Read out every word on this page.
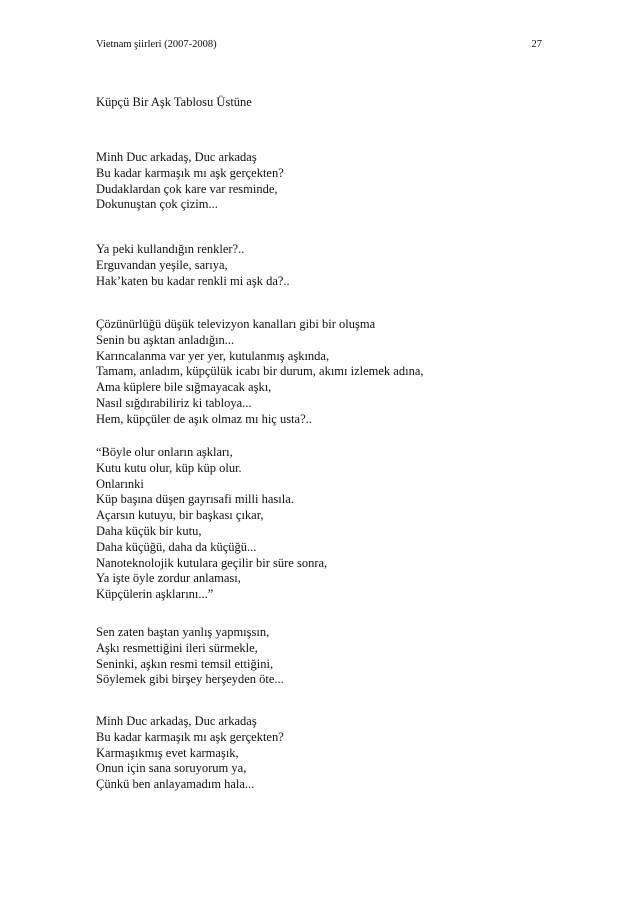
Vietnam şiirleri (2007-2008)	27
Küpçü Bir Aşk Tablosu Üstüne
Minh Duc arkadaş, Duc arkadaş
Bu kadar karmaşık mı aşk gerçekten?
Dudaklardan çok kare var resminde,
Dokunuştan çok çizim...
Ya peki kullandığın renkler?..
Erguvandan yeşile, sarıya,
Hak’katen bu kadar renkli mi aşk da?..
Çözünürlüğü düşük televizyon kanalları gibi bir oluşma
Senin bu aşktan anladığın...
Karıncalanma var yer yer, kutulanmış aşkında,
Tamam, anladım, küpçülük icabı bir durum, akımı izlemek adına,
Ama küplere bile sığmayacak aşkı,
Nasıl sığdırabiliriz ki tabloya...
Hem, küpçüler de aşık olmaz mı hiç usta?..
“Böyle olur onların aşkları,
Kutu kutu olur, küp küp olur.
Onlarınki
Küp başına düşen gayrısafi milli hasıla.
Açarsın kutuyu, bir başkası çıkar,
Daha küçük bir kutu,
Daha küçüğü, daha da küçüğü...
Nanoteknolojik kutulara geçilir bir süre sonra,
Ya işte öyle zordur anlaması,
Küpçülerin aşklarını...”
Sen zaten baştan yanlış yapmışsın,
Aşkı resmettiğini ileri sürmekle,
Seninki, aşkın resmi temsil ettiğini,
Söylemek gibi birşey herşeyden öte...
Minh Duc arkadaş, Duc arkadaş
Bu kadar karmaşık mı aşk gerçekten?
Karmaşıkmış evet karmaşık,
Onun için sana soruyorum ya,
Çünkü ben anlayamadım hala...
